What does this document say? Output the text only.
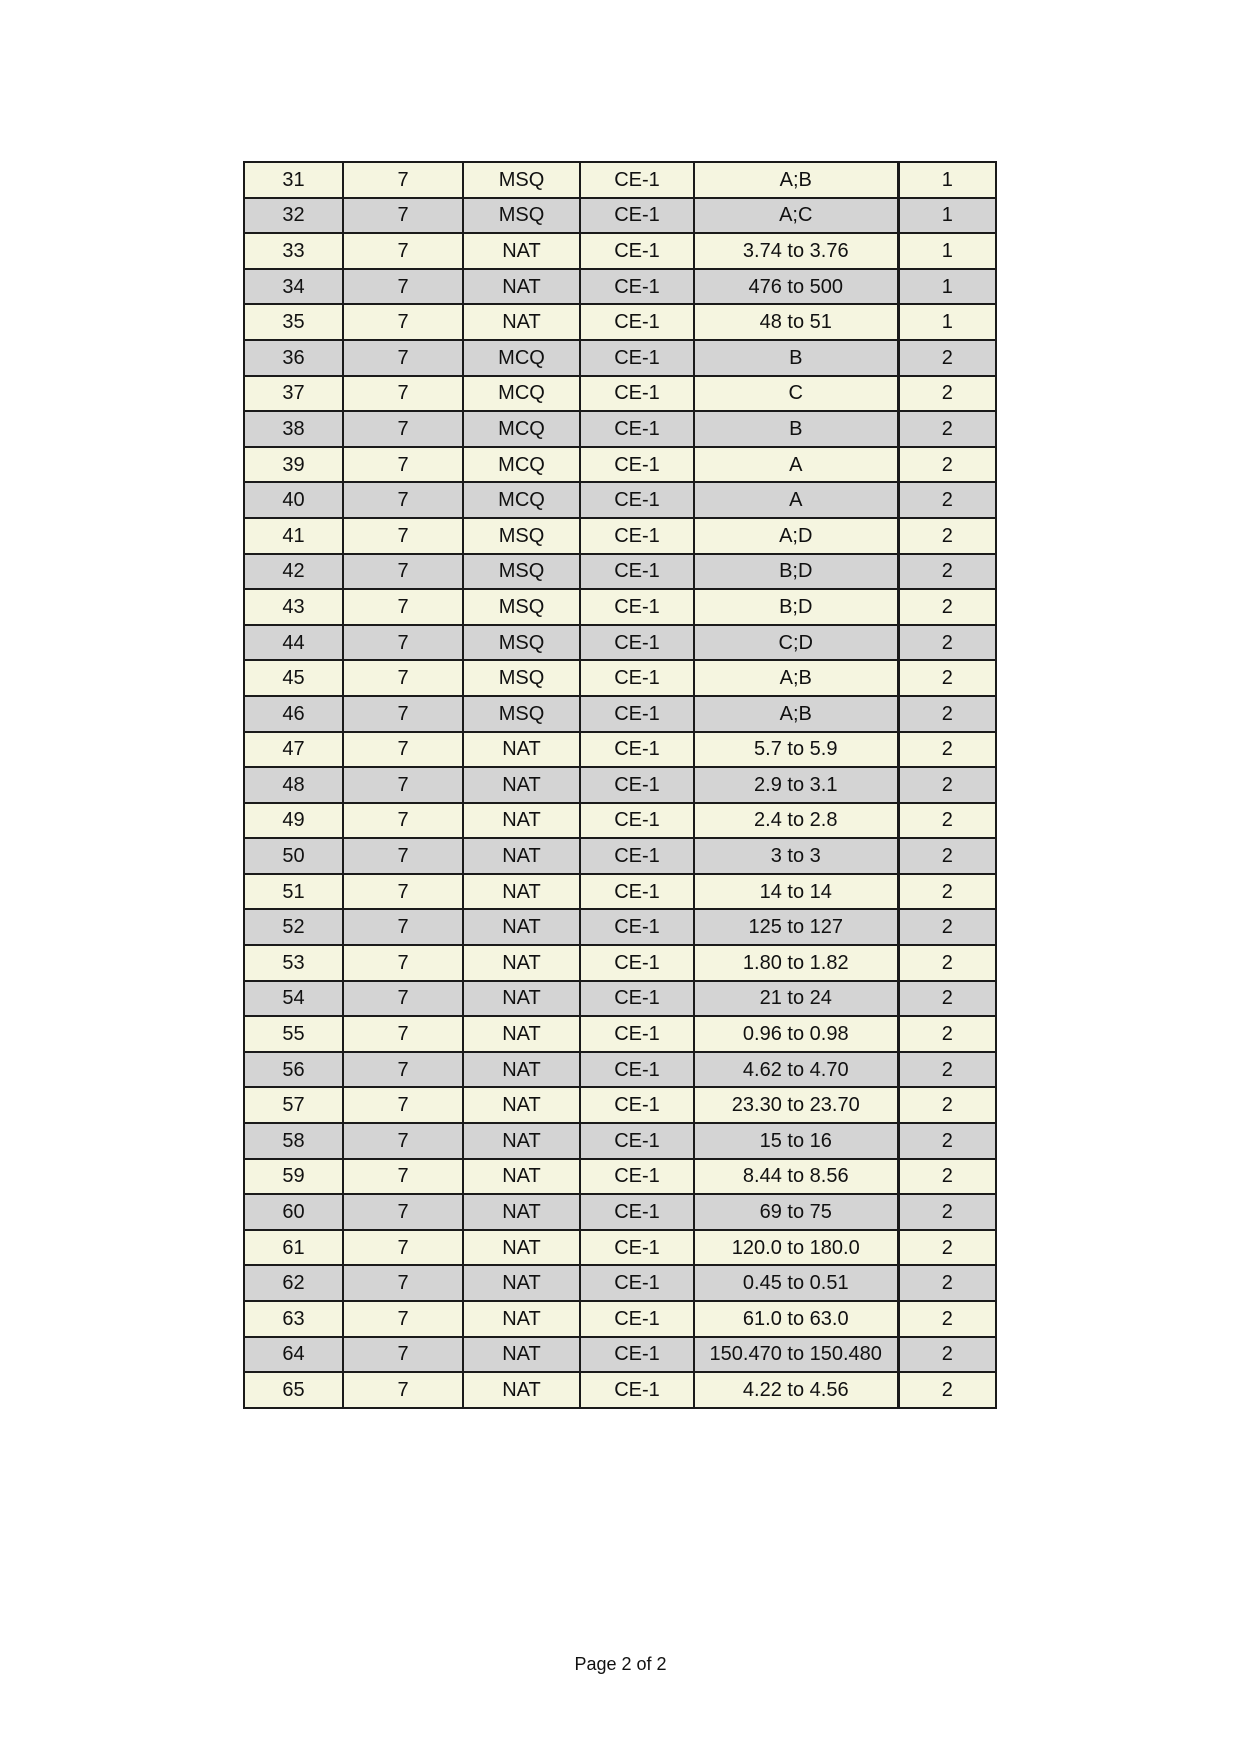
31	7	MSQ	CE-1	A;B	1
32	7	MSQ	CE-1	A;C	1
33	7	NAT	CE-1	3.74 to 3.76	1
34	7	NAT	CE-1	476 to 500	1
35	7	NAT	CE-1	48 to 51	1
36	7	MCQ	CE-1	B	2
37	7	MCQ	CE-1	C	2
38	7	MCQ	CE-1	B	2
39	7	MCQ	CE-1	A	2
40	7	MCQ	CE-1	A	2
41	7	MSQ	CE-1	A;D	2
42	7	MSQ	CE-1	B;D	2
43	7	MSQ	CE-1	B;D	2
44	7	MSQ	CE-1	C;D	2
45	7	MSQ	CE-1	A;B	2
46	7	MSQ	CE-1	A;B	2
47	7	NAT	CE-1	5.7 to 5.9	2
48	7	NAT	CE-1	2.9 to 3.1	2
49	7	NAT	CE-1	2.4 to 2.8	2
50	7	NAT	CE-1	3 to 3	2
51	7	NAT	CE-1	14 to 14	2
52	7	NAT	CE-1	125 to 127	2
53	7	NAT	CE-1	1.80 to 1.82	2
54	7	NAT	CE-1	21 to 24	2
55	7	NAT	CE-1	0.96 to 0.98	2
56	7	NAT	CE-1	4.62 to 4.70	2
57	7	NAT	CE-1	23.30 to 23.70	2
58	7	NAT	CE-1	15 to 16	2
59	7	NAT	CE-1	8.44 to 8.56	2
60	7	NAT	CE-1	69 to 75	2
61	7	NAT	CE-1	120.0 to 180.0	2
62	7	NAT	CE-1	0.45 to 0.51	2
63	7	NAT	CE-1	61.0 to 63.0	2
64	7	NAT	CE-1	150.470 to 150.480	2
65	7	NAT	CE-1	4.22 to 4.56	2
Page 2 of 2
